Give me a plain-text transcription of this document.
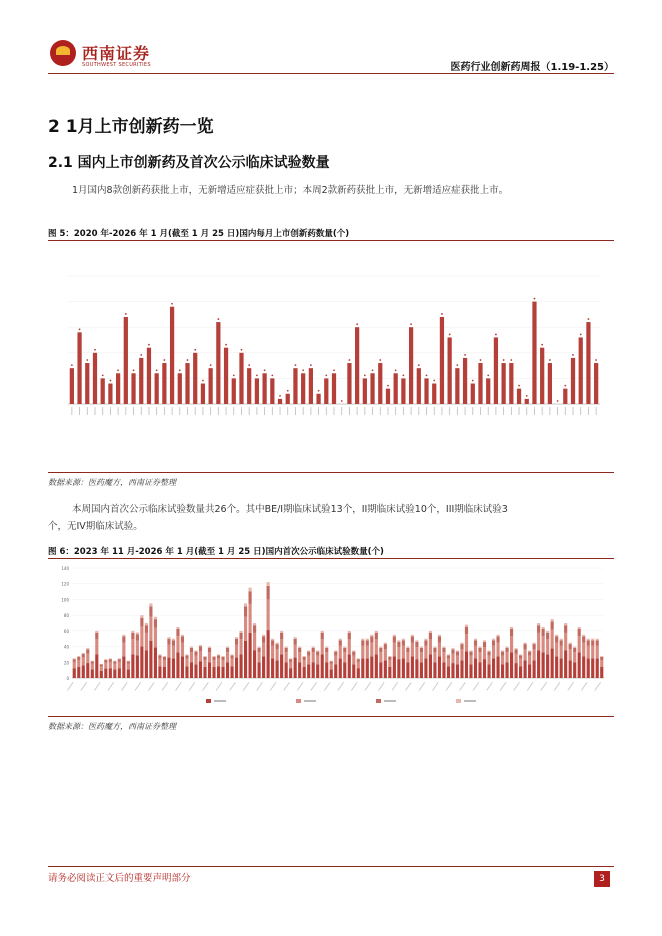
西南证券
SOUTHWEST SECURITIES	医药行业创新药周报（1.19-1.25）
2 1月上市创新药一览
2.1 国内上市创新药及首次公示临床试验数量
1月国内8款创新药获批上市，无新增适应症获批上市；本周2款新药获批上市，无新增适应症获批上市。
图 5：2020 年-2026 年 1 月(截至 1 月 25 日)国内每月上市创新药数量(个)
数据来源：医药魔方，西南证券整理
本周国内首次公示临床试验数量共26个。其中BE/I期临床试验13个，II期临床试验10个，III期临床试验3个，无IV期临床试验。
图 6：2023 年 11 月-2026 年 1 月(截至 1 月 25 日)国内首次公示临床试验数量(个)
0
20
40
60
80
100
120
140
数据来源：医药魔方，西南证券整理
请务必阅读正文后的重要声明部分	3
